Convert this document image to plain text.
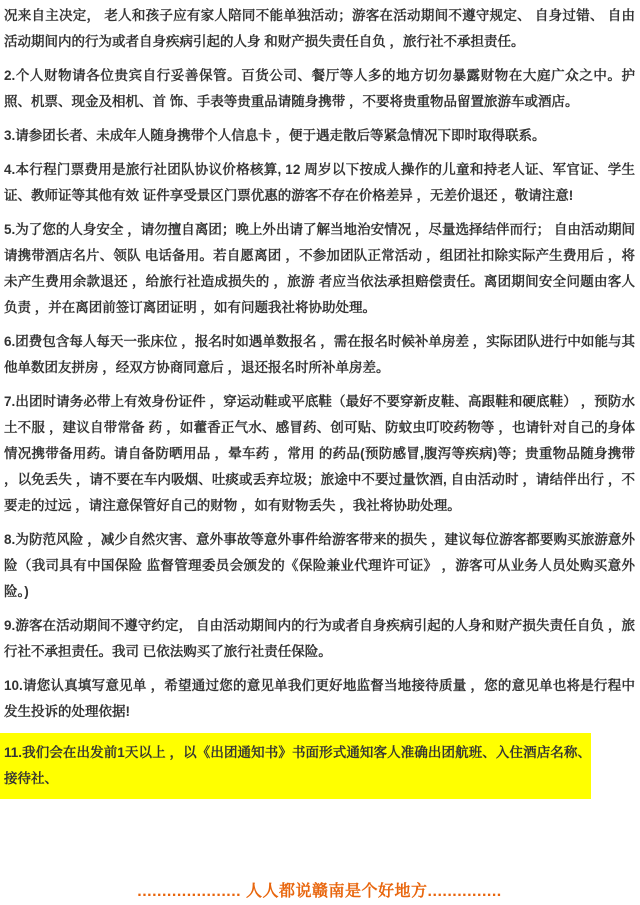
况来自主决定， 老人和孩子应有家人陪同不能单独活动；游客在活动期间不遵守规定、 自身过错、 自由活动期间内的行为或者自身疾病引起的人身 和财产损失责任自负 ，旅行社不承担责任。

2.个人财物请各位贵宾自行妥善保管。百货公司、餐厅等人多的地方切勿暴露财物在大庭广众之中。护照、机票、现金及相机、首 饰、手表等贵重品请随身携带 ，不要将贵重物品留置旅游车或酒店。

3.请参团长者、未成年人随身携带个人信息卡 ，便于遇走散后等紧急情况下即时取得联系。

4.本行程门票费用是旅行社团队协议价格核算, 12 周岁以下按成人操作的儿童和持老人证、军官证、学生证、教师证等其他有效 证件享受景区门票优惠的游客不存在价格差异 ，无差价退还 ，敬请注意!

5.为了您的人身安全 ，请勿擅自离团；晚上外出请了解当地治安情况 ，尽量选择结伴而行； 自由活动期间请携带酒店名片、领队 电话备用。若自愿离团 ，不参加团队正常活动 ，组团社扣除实际产生费用后 ，将未产生费用余款退还 ，给旅行社造成损失的 ，旅游 者应当依法承担赔偿责任。离团期间安全问题由客人负责 ，并在离团前签订离团证明 ，如有问题我社将协助处理。

6.团费包含每人每天一张床位 ，报名时如遇单数报名 ，需在报名时候补单房差 ，实际团队进行中如能与其他单数团友拼房 ，经双方协商同意后 ，退还报名时所补单房差。

7.出团时请务必带上有效身份证件 ，穿运动鞋或平底鞋（最好不要穿新皮鞋、高跟鞋和硬底鞋） ，预防水土不服 ，建议自带常备 药 ，如藿香正气水、感冒药、创可贴、防蚊虫叮咬药物等 ，也请针对自己的身体情况携带备用药。请自备防晒用品 ，晕车药 ，常用 的药品(预防感冒,腹泻等疾病)等；贵重物品随身携带 ，以免丢失 ，请不要在车内吸烟、吐痰或丢弃垃圾；旅途中不要过量饮酒, 自由活动时 ，请结伴出行 ，不要走的过远 ，请注意保管好自己的财物 ，如有财物丢失 ，我社将协助处理。

8.为防范风险 ，减少自然灾害、意外事故等意外事件给游客带来的损失 ，建议每位游客都要购买旅游意外险（我司具有中国保险 监督管理委员会颁发的《保险兼业代理许可证》 ，游客可从业务人员处购买意外险。)

9.游客在活动期间不遵守约定， 自由活动期间内的行为或者自身疾病引起的人身和财产损失责任自负 ，旅行社不承担责任。我司 已依法购买了旅行社责任保险。

10.请您认真填写意见单 ，希望通过您的意见单我们更好地监督当地接待质量 ，您的意见单也将是行程中发生投诉的处理依据!

11.我们会在出发前1天以上 ，以《出团通知书》书面形式通知客人准确出团航班、入住酒店名称、接待社、

..................... 人人都说赣南是个好地方...............
